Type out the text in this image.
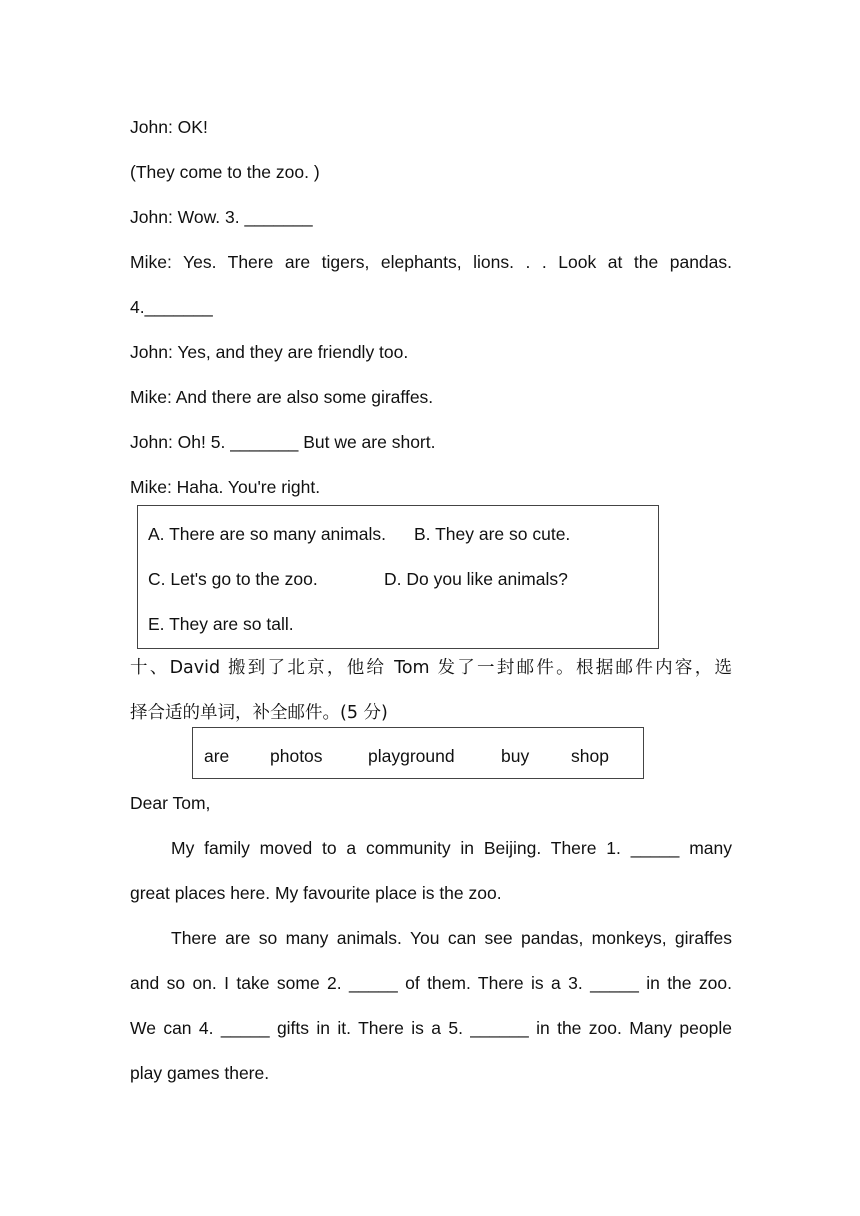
John: OK!
(They come to the zoo. )
John: Wow. 3. _______
Mike: Yes. There are tigers, elephants, lions. . . Look at the pandas.
4._______
John: Yes, and they are friendly too.
Mike: And there are also some giraffes.
John: Oh! 5. _______ But we are short.
Mike: Haha. You're right.
A. There are so many animals. B. They are so cute.
C. Let's go to the zoo.	D. Do you like animals?
E. They are so tall.
十、David 搬到了北京，他给 Tom 发了一封邮件。根据邮件内容，选
择合适的单词，补全邮件。(5 分)
are photos	playground	buy shop
Dear Tom,
My family moved to a community in Beijing. There 1. _____ many
great places here. My favourite place is the zoo.
There are so many animals. You can see pandas, monkeys, giraffes
and so on. I take some 2. _____ of them. There is a 3. _____ in the zoo.
We can 4. _____ gifts in it. There is a 5. ______ in the zoo. Many people
play games there.
